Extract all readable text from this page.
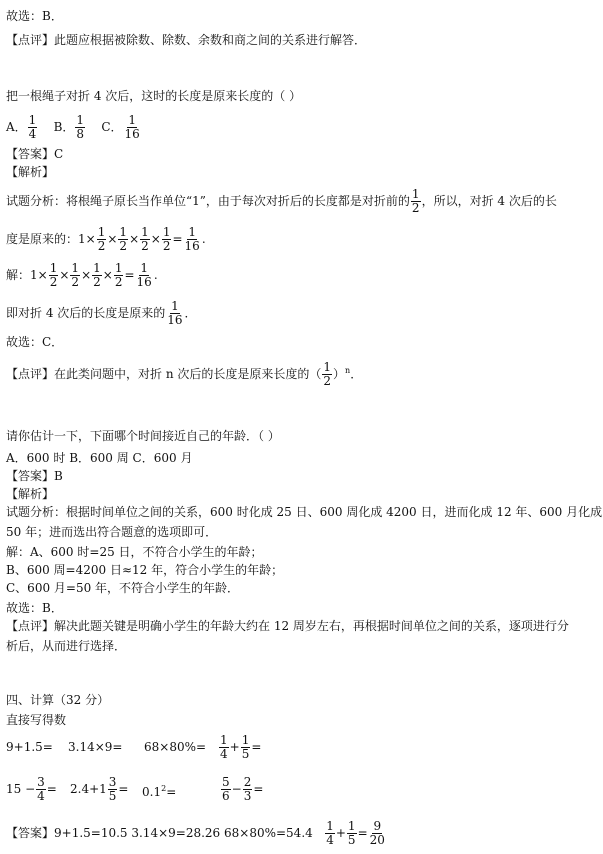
故选：B．
【点评】此题应根据被除数、除数、余数和商之间的关系进行解答．
把一根绳子对折 4 次后，这时的长度是原来长度的（ ）
A． $\frac{1}{4}$ B． $\frac{1}{8}$ C． $\frac{1}{16}$
【答案】C
【解析】
试题分析：将根绳子原长当作单位“1”，由于每次对折后的长度都是对折前的 $\frac{1}{2}$ ，所以，对折 4 次后的长
度是原来的：$1\times \frac{1}{2} \times \frac{1}{2} \times \frac{1}{2} \times \frac{1}{2} = \frac{1}{16}$ .
解：$1\times \frac{1}{2} \times \frac{1}{2} \times \frac{1}{2} \times \frac{1}{2} = \frac{1}{16}$ .
即对折 4 次后的长度是原来的 $\frac{1}{16}$ ．
故选：C．
【点评】在此类问题中，对折 n 次后的长度是原来长度的（ $\frac{1}{2} )^n$．
请你估计一下，下面哪个时间接近自己的年龄．（ ）
A．600 时 B．600 周 C．600 月
【答案】B
【解析】
试题分析：根据时间单位之间的关系，600 时化成 25 日、600 周化成 4200 日，进而化成 12 年、600 月化成
50 年；进而选出符合题意的选项即可．
解：A、600 时=25 日，不符合小学生的年龄；
B、600 周=4200 日≈12 年，符合小学生的年龄；
C、600 月=50 年，不符合小学生的年龄．
故选：B．
【点评】解决此题关键是明确小学生的年龄大约在 12 周岁左右，再根据时间单位之间的关系，逐项进行分
析后，从而进行选择．
四、计算（32 分）
直接写得数
$9+1.5= 3.14\times 9= 68\times 80\%= \frac{1}{4} + \frac{1}{5}$ =
$15 - \frac{3}{4} = 2.4+1 \frac{3}{5} = 0.1^2=$	$\frac{5}{6} - \frac{2}{3}$ =
【答案】9+1.5=10.5 3.14×9=28.26 $68\times 80\%=54.4 \frac{1}{4} + \frac{1}{5} = \frac{9}{20}$
